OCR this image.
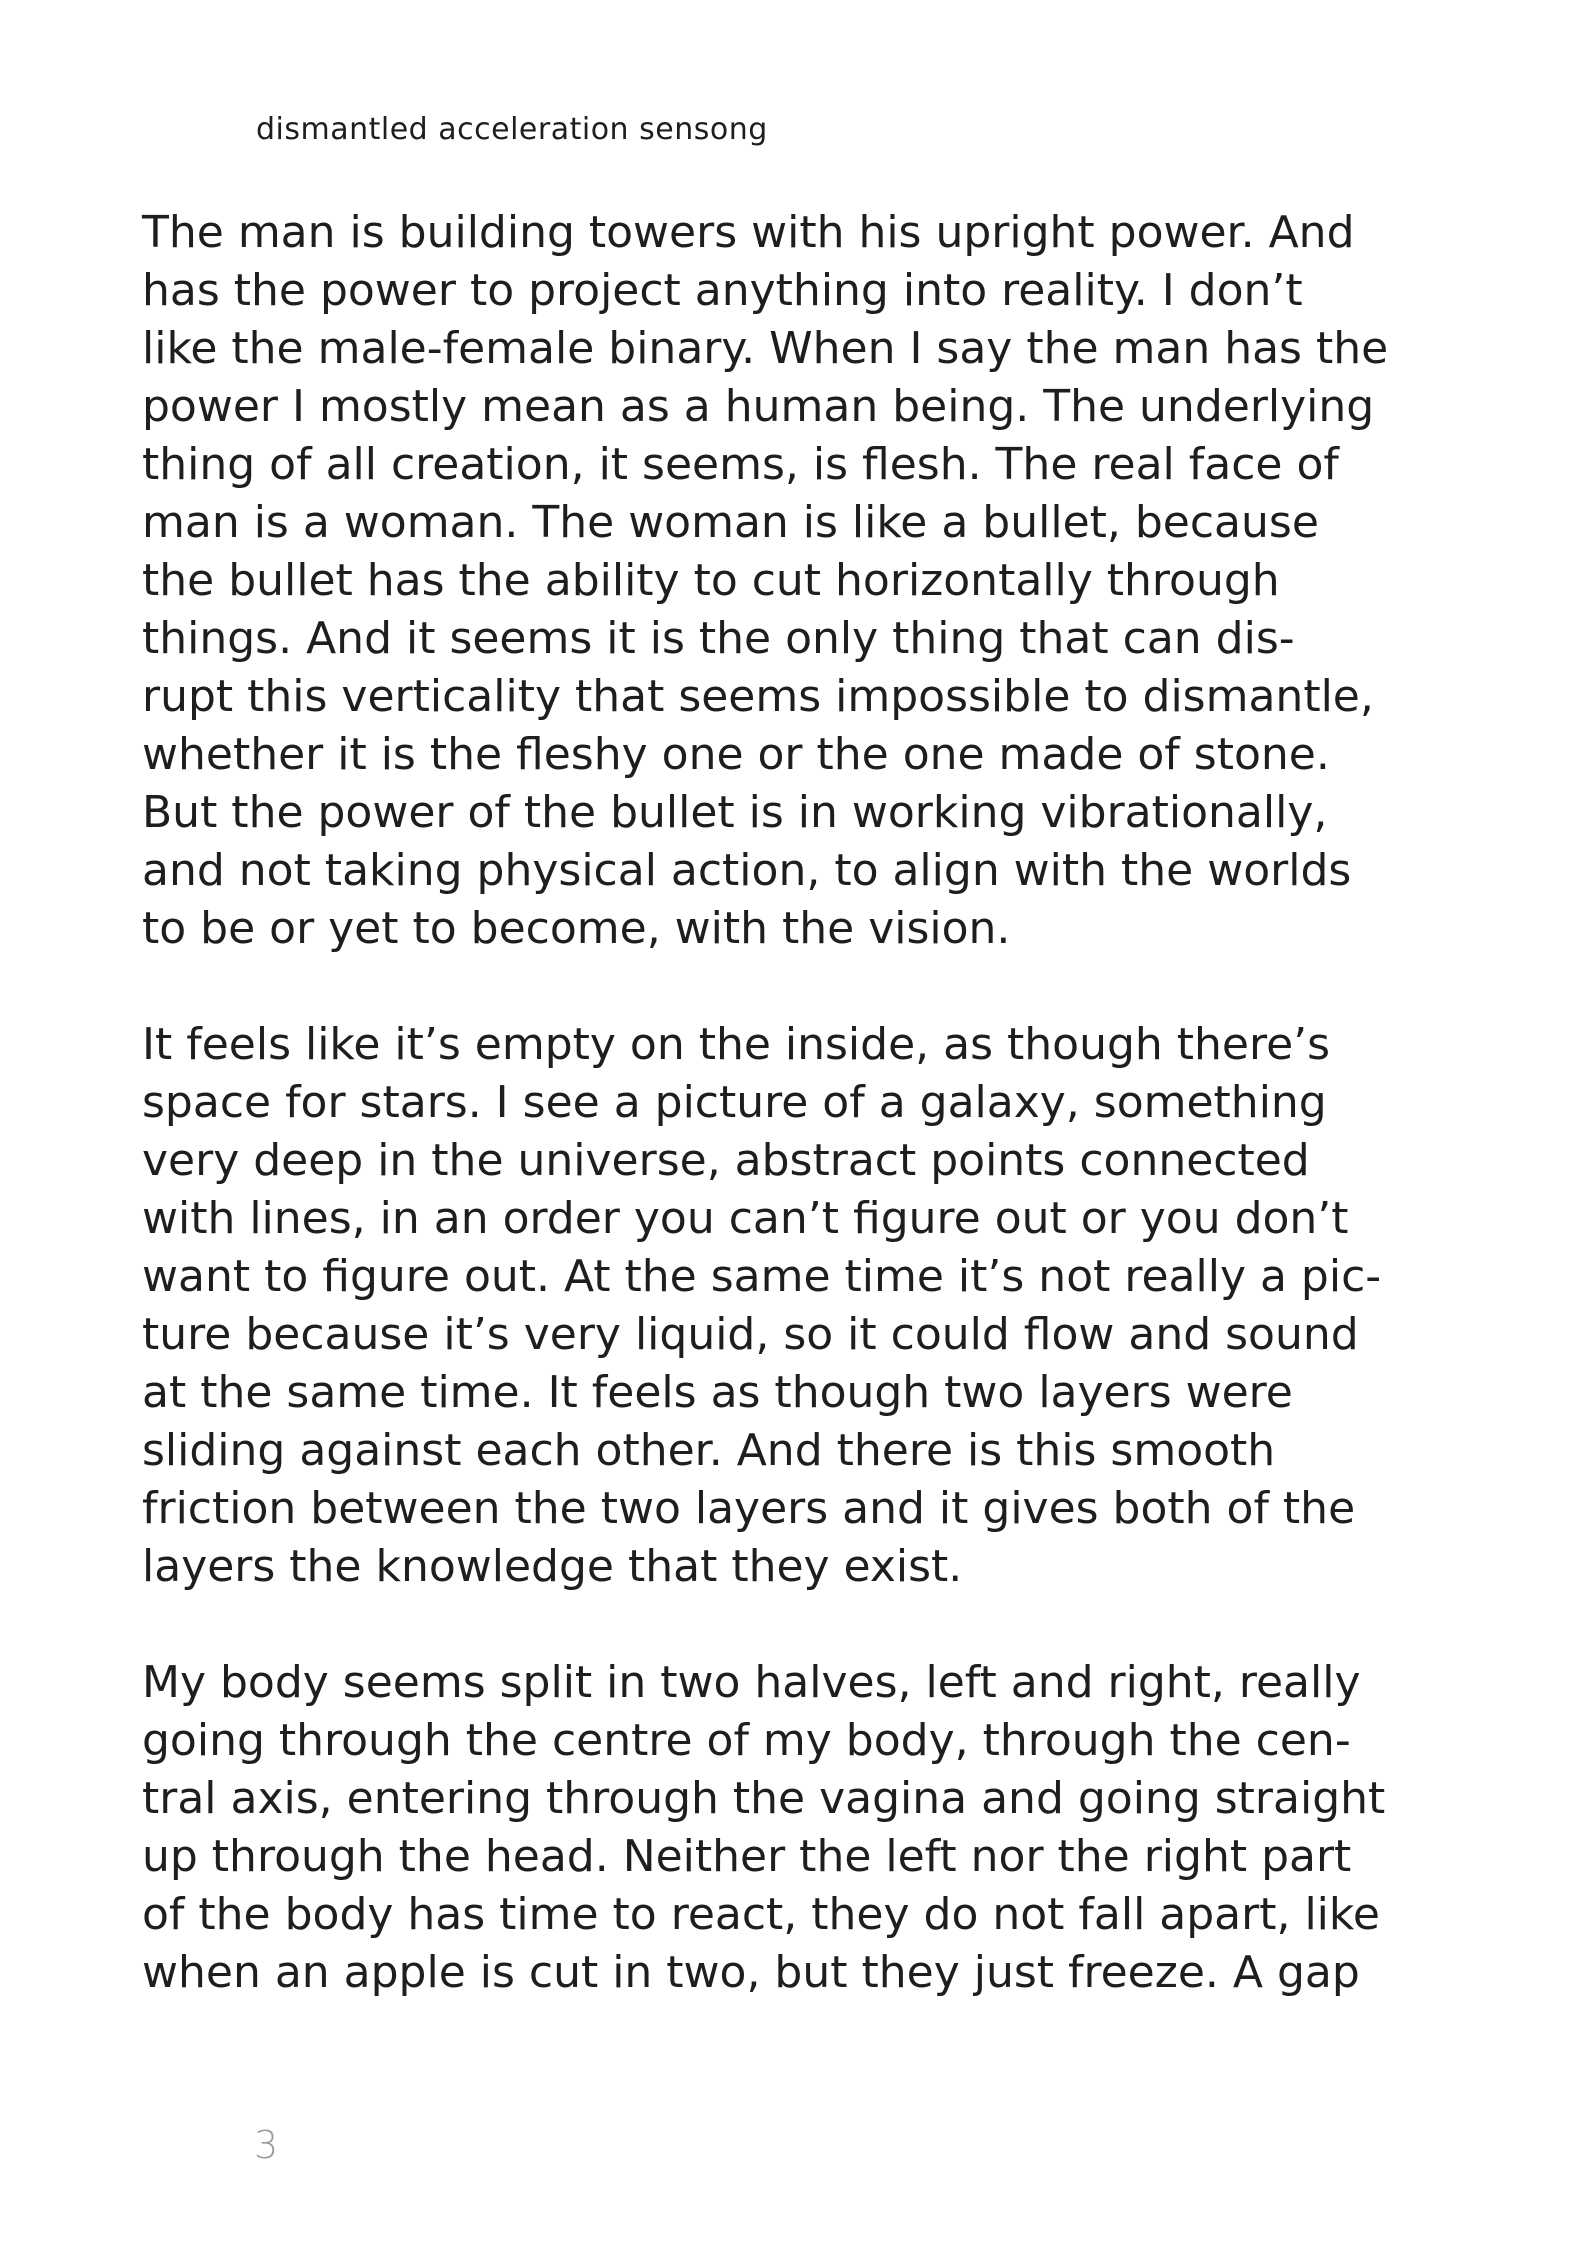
dismantled acceleration sensong

The man is building towers with his upright power. And
has the power to project anything into reality. I don’t
like the male-female binary. When I say the man has the
power I mostly mean as a human being. The underlying
thing of all creation, it seems, is flesh. The real face of
man is a woman. The woman is like a bullet, because
the bullet has the ability to cut horizontally through
things. And it seems it is the only thing that can dis-
rupt this verticality that seems impossible to dismantle,
whether it is the fleshy one or the one made of stone.
But the power of the bullet is in working vibrationally,
and not taking physical action, to align with the worlds
to be or yet to become, with the vision.

It feels like it’s empty on the inside, as though there’s
space for stars. I see a picture of a galaxy, something
very deep in the universe, abstract points connected
with lines, in an order you can’t figure out or you don’t
want to figure out. At the same time it’s not really a pic-
ture because it’s very liquid, so it could flow and sound
at the same time. It feels as though two layers were
sliding against each other. And there is this smooth
friction between the two layers and it gives both of the
layers the knowledge that they exist.

My body seems split in two halves, left and right, really
going through the centre of my body, through the cen-
tral axis, entering through the vagina and going straight
up through the head. Neither the left nor the right part
of the body has time to react, they do not fall apart, like
when an apple is cut in two, but they just freeze. A gap

3
